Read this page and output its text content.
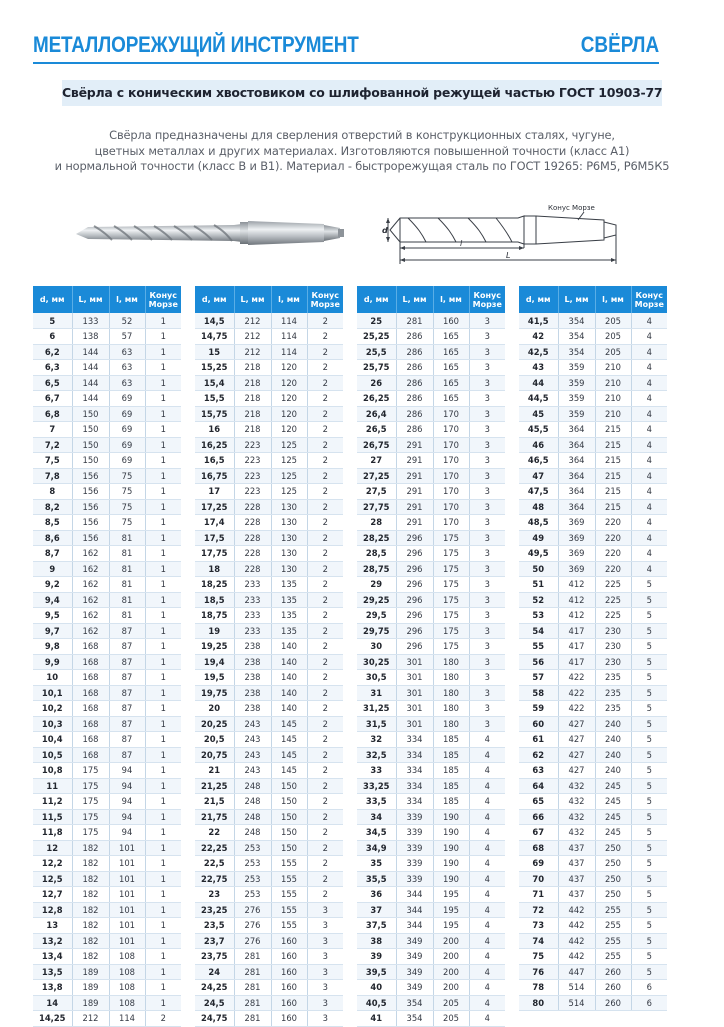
МЕТАЛЛОРЕЖУЩИЙ ИНСТРУМЕНТ	СВЁРЛА
Свёрла с коническим хвостовиком со шлифованной режущей частью ГОСТ 10903-77
Свёрла предназначены для сверления отверстий в конструкционных сталях, чугуне,
цветных металлах и других материалах. Изготовляются повышенной точности (класс А1)
и нормальной точности (класс В и В1). Материал - быстрорежущая сталь по ГОСТ 19265: Р6М5, Р6М5К5
d
l
L
Конус Морзе
d, мм	L, мм	l, мм	Конус
Морзе
5	133	52	1
6	138	57	1
6,2	144	63	1
6,3	144	63	1
6,5	144	63	1
6,7	144	69	1
6,8	150	69	1
7	150	69	1
7,2	150	69	1
7,5	150	69	1
7,8	156	75	1
8	156	75	1
8,2	156	75	1
8,5	156	75	1
8,6	156	81	1
8,7	162	81	1
9	162	81	1
9,2	162	81	1
9,4	162	81	1
9,5	162	81	1
9,7	162	87	1
9,8	168	87	1
9,9	168	87	1
10	168	87	1
10,1	168	87	1
10,2	168	87	1
10,3	168	87	1
10,4	168	87	1
10,5	168	87	1
10,8	175	94	1
11	175	94	1
11,2	175	94	1
11,5	175	94	1
11,8	175	94	1
12	182	101	1
12,2	182	101	1
12,5	182	101	1
12,7	182	101	1
12,8	182	101	1
13	182	101	1
13,2	182	101	1
13,4	182	108	1
13,5	189	108	1
13,8	189	108	1
14	189	108	1
14,25	212	114	2
d, мм	L, мм	l, мм	Конус
Морзе
14,5	212	114	2
14,75	212	114	2
15	212	114	2
15,25	218	120	2
15,4	218	120	2
15,5	218	120	2
15,75	218	120	2
16	218	120	2
16,25	223	125	2
16,5	223	125	2
16,75	223	125	2
17	223	125	2
17,25	228	130	2
17,4	228	130	2
17,5	228	130	2
17,75	228	130	2
18	228	130	2
18,25	233	135	2
18,5	233	135	2
18,75	233	135	2
19	233	135	2
19,25	238	140	2
19,4	238	140	2
19,5	238	140	2
19,75	238	140	2
20	238	140	2
20,25	243	145	2
20,5	243	145	2
20,75	243	145	2
21	243	145	2
21,25	248	150	2
21,5	248	150	2
21,75	248	150	2
22	248	150	2
22,25	253	150	2
22,5	253	155	2
22,75	253	155	2
23	253	155	2
23,25	276	155	3
23,5	276	155	3
23,7	276	160	3
23,75	281	160	3
24	281	160	3
24,25	281	160	3
24,5	281	160	3
24,75	281	160	3
d, мм	L, мм	l, мм	Конус
Морзе
25	281	160	3
25,25	286	165	3
25,5	286	165	3
25,75	286	165	3
26	286	165	3
26,25	286	165	3
26,4	286	170	3
26,5	286	170	3
26,75	291	170	3
27	291	170	3
27,25	291	170	3
27,5	291	170	3
27,75	291	170	3
28	291	170	3
28,25	296	175	3
28,5	296	175	3
28,75	296	175	3
29	296	175	3
29,25	296	175	3
29,5	296	175	3
29,75	296	175	3
30	296	175	3
30,25	301	180	3
30,5	301	180	3
31	301	180	3
31,25	301	180	3
31,5	301	180	3
32	334	185	4
32,5	334	185	4
33	334	185	4
33,25	334	185	4
33,5	334	185	4
34	339	190	4
34,5	339	190	4
34,9	339	190	4
35	339	190	4
35,5	339	190	4
36	344	195	4
37	344	195	4
37,5	344	195	4
38	349	200	4
39	349	200	4
39,5	349	200	4
40	349	200	4
40,5	354	205	4
41	354	205	4
d, мм	L, мм	l, мм	Конус
Морзе
41,5	354	205	4
42	354	205	4
42,5	354	205	4
43	359	210	4
44	359	210	4
44,5	359	210	4
45	359	210	4
45,5	364	215	4
46	364	215	4
46,5	364	215	4
47	364	215	4
47,5	364	215	4
48	364	215	4
48,5	369	220	4
49	369	220	4
49,5	369	220	4
50	369	220	4
51	412	225	5
52	412	225	5
53	412	225	5
54	417	230	5
55	417	230	5
56	417	230	5
57	422	235	5
58	422	235	5
59	422	235	5
60	427	240	5
61	427	240	5
62	427	240	5
63	427	240	5
64	432	245	5
65	432	245	5
66	432	245	5
67	432	245	5
68	437	250	5
69	437	250	5
70	437	250	5
71	437	250	5
72	442	255	5
73	442	255	5
74	442	255	5
75	442	255	5
76	447	260	5
78	514	260	6
80	514	260	6
